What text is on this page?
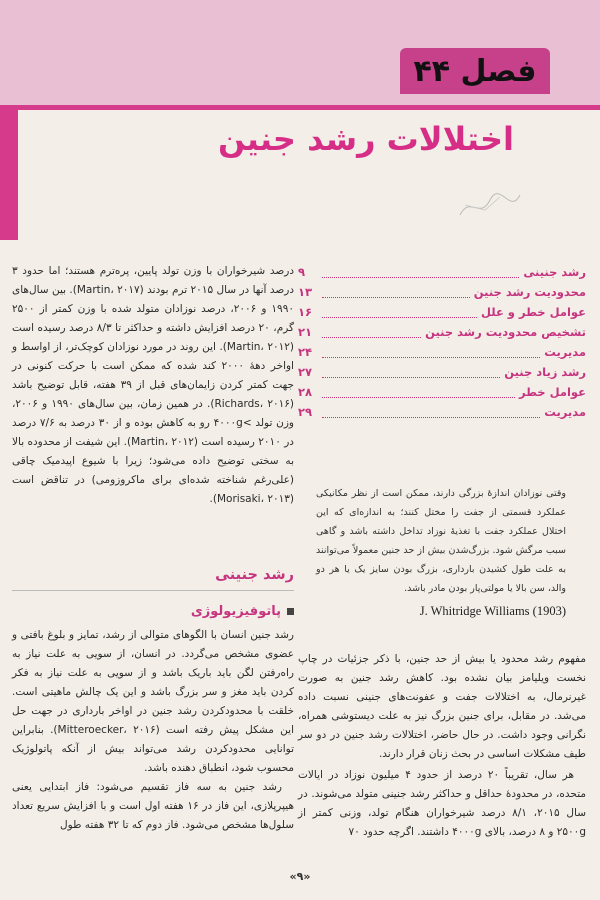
فصل ۴۴
اختلالات رشد جنین
رشد جنینی
۹
محدودیت رشد جنین
۱۳
عوامل خطر و علل
۱۶
تشخیص محدودیت رشد جنین
۲۱
مدیریت
۲۴
رشد زیاد جنین
۲۷
عوامل خطر
۲۸
مدیریت
۲۹
وقتی نوزادان اندازهٔ بزرگی دارند، ممکن است از نظر مکانیکی عملکرد قسمتی از جفت را مختل کنند؛ به اندازه‌ای که این اختلال عملکرد جفت با تغذیهٔ نوزاد تداخل داشته باشد و گاهی سبب مرگش شود. بزرگ‌شدن بیش از حد جنین معمولاً می‌توانند به علت طول کشیدن بارداری، بزرگ بودن سایز یک یا هر دو والد، سن بالا یا مولتی‌پار بودن مادر باشد.
J. Whitridge Williams (1903)

مفهوم رشد محدود یا بیش از حد جنین، با ذکر جزئیات در چاپ نخست ویلیامز بیان نشده بود. کاهش رشد جنین به صورت غیرنرمال، به اختلالات جفت و عفونت‌های جنینی نسبت داده می‌شد. در مقابل، برای جنین بزرگ نیز به علت دیستوشی همراه، نگرانی وجود داشت. در حال حاضر، اختلالات رشد جنین در دو سر طیف مشکلات اساسی در بحث زنان قرار دارند.

هر سال، تقریباً ۲۰ درصد از حدود ۴ میلیون نوزاد در ایالات متحده، در محدودهٔ حداقل و حداکثر رشد جنینی متولد می‌شوند. در سال ۲۰۱۵، ۸/۱ درصد شیرخواران هنگام تولد، وزنی کمتر از ۲۵۰۰g و ۸ درصد، بالای ۴۰۰۰g داشتند. اگرچه حدود ۷۰

درصد شیرخواران با وزن تولد پایین، پره‌ترم هستند؛ اما حدود ۳ درصد آنها در سال ۲۰۱۵ ترم بودند (Martin، ۲۰۱۷). بین سال‌های ۱۹۹۰ و ۲۰۰۶، درصد نوزادان متولد شده با وزن کمتر از ۲۵۰۰ گرم، ۲۰ درصد افزایش داشته و حداکثر تا ۸/۳ درصد رسیده است (Martin، ۲۰۱۲). این روند در مورد نوزادان کوچک‌تر، از اواسط و اواخر دههٔ ۲۰۰۰ کند شده که ممکن است با حرکت کنونی در جهت کمتر کردن زایمان‌های قبل از ۳۹ هفته، قابل توضیح باشد (Richards، ۲۰۱۶). در همین زمان، بین سال‌های ۱۹۹۰ و ۲۰۰۶، وزن تولد >۴۰۰۰g رو به کاهش بوده و از ۳۰ درصد به ۷/۶ درصد در ۲۰۱۰ رسیده است (Martin، ۲۰۱۲). این شیفت از محدوده بالا به سختی توضیح داده می‌شود؛ زیرا با شیوع اپیدمیک چاقی (علی‌رغم شناخته شده‌ای برای ماکروزومی) در تناقض است (Morisaki، ۲۰۱۳).
رشد جنینی
پاتوفیزیولوژی

رشد جنین انسان با الگوهای متوالی از رشد، تمایز و بلوغ بافتی و عضوی مشخص می‌گردد. در انسان، از سویی به علت نیاز به راه‌رفتن لگن باید باریک باشد و از سویی به علت نیاز به فکر کردن باید مغز و سر بزرگ باشد و این یک چالش ماهیتی است. خلقت با محدود‌کردن رشد جنین در اواخر بارداری در جهت حل این مشکل پیش رفته است (Mitteroecker، ۲۰۱۶). بنابراین توانایی محدودکردن رشد می‌تواند بیش از آنکه پاتولوژیک محسوب شود، انطباق دهنده باشد.

رشد جنین به سه فاز تقسیم می‌شود: فاز ابتدایی یعنی هیپرپلازی، این فاز در ۱۶ هفته اول است و با افزایش سریع تعداد سلول‌ها مشخص می‌شود. فاز دوم که تا ۳۲ هفته طول

«۹»
